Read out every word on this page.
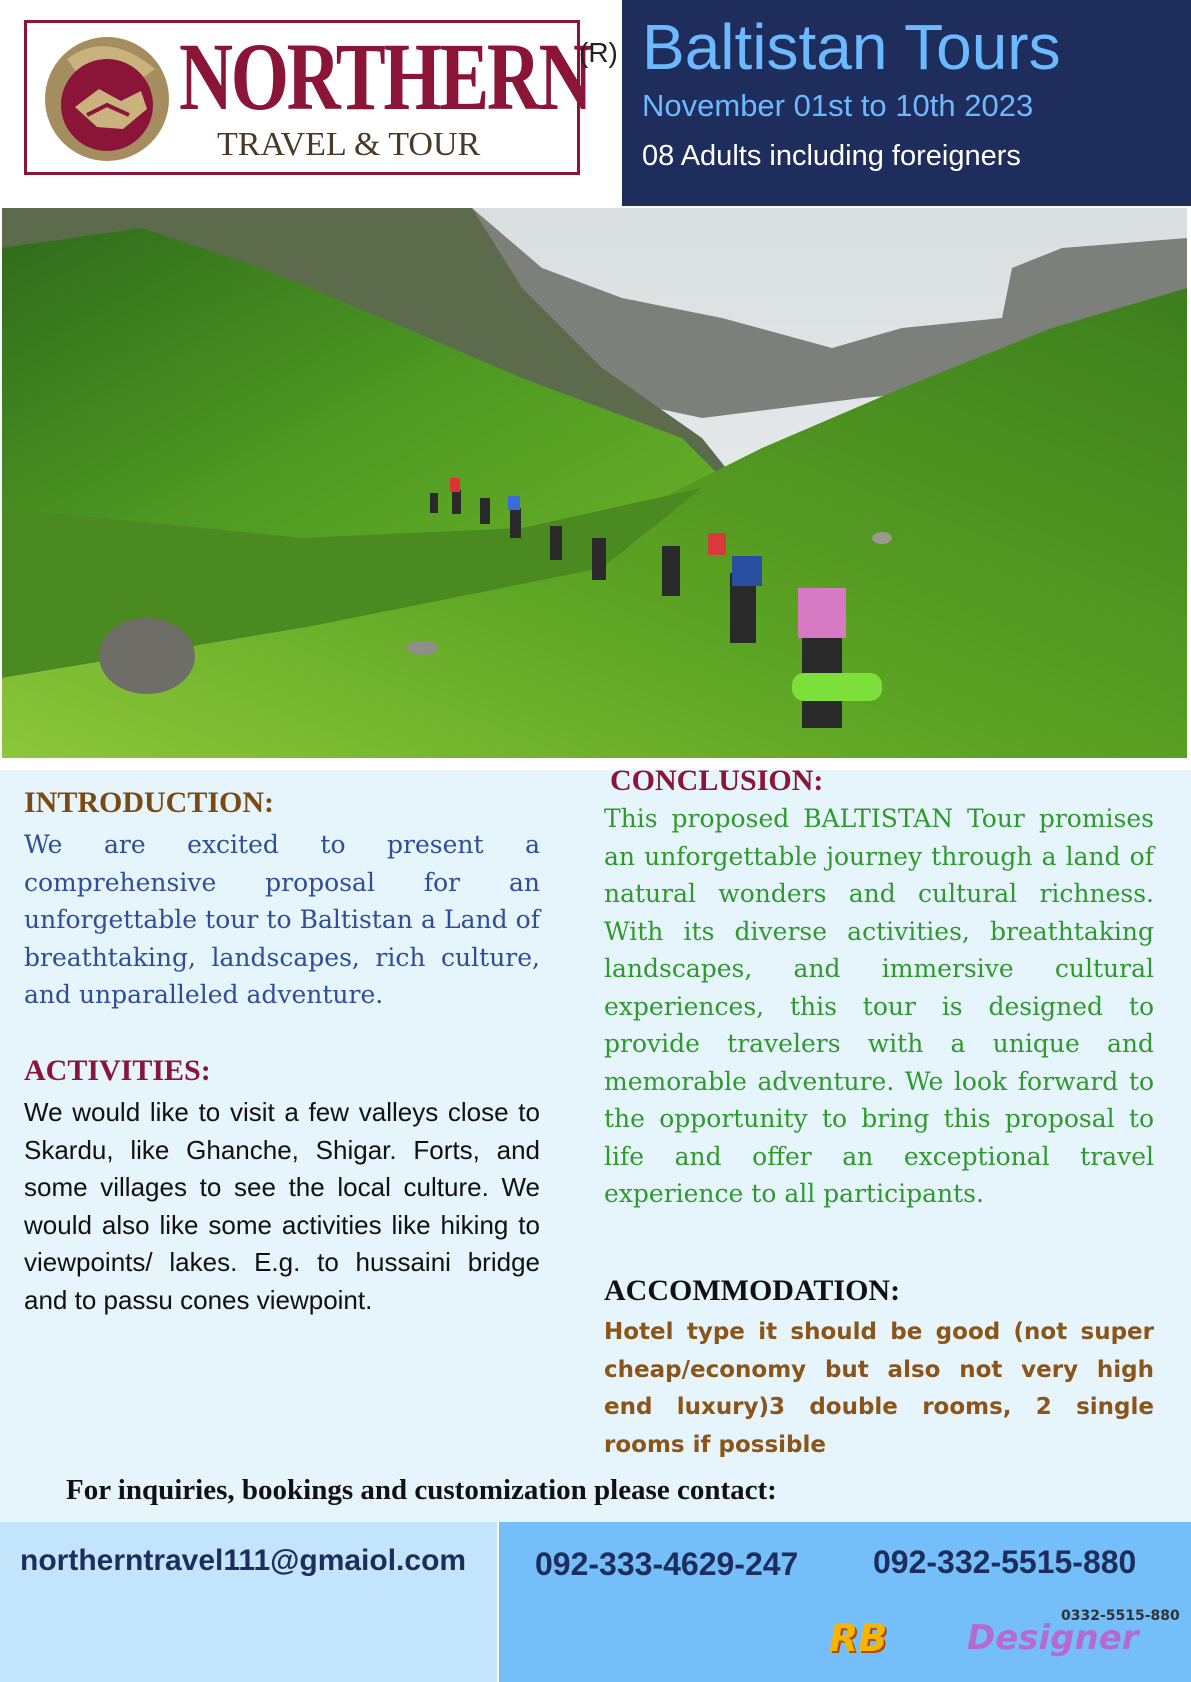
NORTHERN
TRAVEL & TOUR
(R) Baltistan Tours
November 01st to 10th 2023
08 Adults including foreigners
INTRODUCTION:

We are excited to present a comprehensive proposal for an unforgettable tour to Baltistan a Land of breathtaking, landscapes, rich culture, and unparalleled adventure.

ACTIVITIES:

We would like to visit a few valleys close to Skardu, like Ghanche, Shigar. Forts, and some villages to see the local culture. We would also like some activities like hiking to viewpoints/ lakes. E.g. to hussaini bridge and to passu cones viewpoint.

CONCLUSION:

This proposed BALTISTAN Tour promises an unforgettable journey through a land of natural wonders and cultural richness. With its diverse activities, breathtaking landscapes, and immersive cultural experiences, this tour is designed to provide travelers with a unique and memorable adventure. We look forward to the opportunity to bring this proposal to life and offer an exceptional travel experience to all participants.

ACCOMMODATION:

Hotel type it should be good (not super cheap/economy but also not very high end luxury)3 double rooms, 2 single rooms if possible

For inquiries, bookings and customization please contact:
northerntravel111@gmaiol.com 092-333-4629-247 092-332-5515-880
RB Designer
0332-5515-880
